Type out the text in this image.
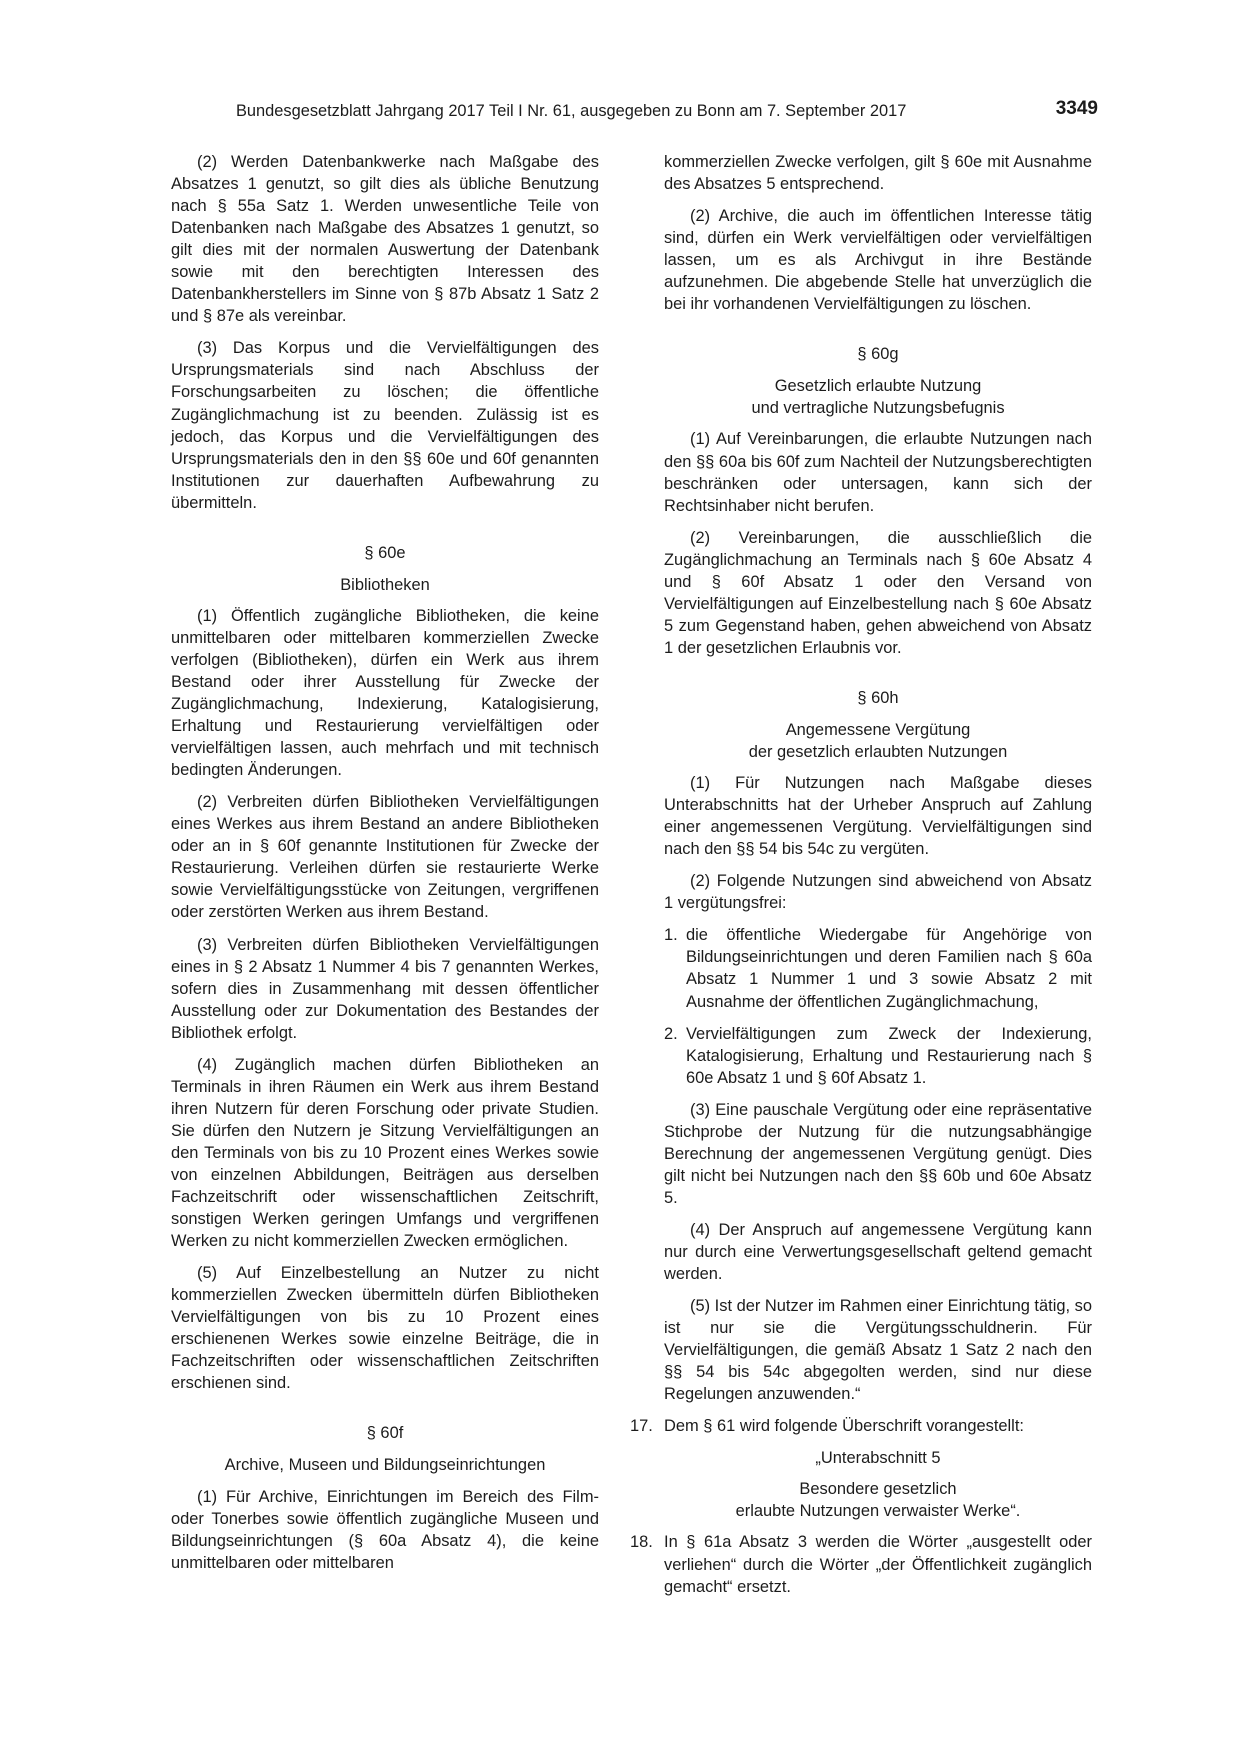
Bundesgesetzblatt Jahrgang 2017 Teil I Nr. 61, ausgegeben zu Bonn am 7. September 2017	3349

(2) Werden Datenbankwerke nach Maßgabe des Absatzes 1 genutzt, so gilt dies als übliche Benutzung nach § 55a Satz 1. Werden unwesentliche Teile von Datenbanken nach Maßgabe des Absatzes 1 genutzt, so gilt dies mit der normalen Auswertung der Datenbank sowie mit den berechtigten Interessen des Datenbankherstellers im Sinne von § 87b Absatz 1 Satz 2 und § 87e als vereinbar.

(3) Das Korpus und die Vervielfältigungen des Ursprungsmaterials sind nach Abschluss der Forschungsarbeiten zu löschen; die öffentliche Zugänglichmachung ist zu beenden. Zulässig ist es jedoch, das Korpus und die Vervielfältigungen des Ursprungsmaterials den in den §§ 60e und 60f genannten Institutionen zur dauerhaften Aufbewahrung zu übermitteln.

§ 60e
Bibliotheken

(1) Öffentlich zugängliche Bibliotheken, die keine unmittelbaren oder mittelbaren kommerziellen Zwecke verfolgen (Bibliotheken), dürfen ein Werk aus ihrem Bestand oder ihrer Ausstellung für Zwecke der Zugänglichmachung, Indexierung, Katalogisierung, Erhaltung und Restaurierung vervielfältigen oder vervielfältigen lassen, auch mehrfach und mit technisch bedingten Änderungen.

(2) Verbreiten dürfen Bibliotheken Vervielfältigungen eines Werkes aus ihrem Bestand an andere Bibliotheken oder an in § 60f genannte Institutionen für Zwecke der Restaurierung. Verleihen dürfen sie restaurierte Werke sowie Vervielfältigungsstücke von Zeitungen, vergriffenen oder zerstörten Werken aus ihrem Bestand.

(3) Verbreiten dürfen Bibliotheken Vervielfältigungen eines in § 2 Absatz 1 Nummer 4 bis 7 genannten Werkes, sofern dies in Zusammenhang mit dessen öffentlicher Ausstellung oder zur Dokumentation des Bestandes der Bibliothek erfolgt.

(4) Zugänglich machen dürfen Bibliotheken an Terminals in ihren Räumen ein Werk aus ihrem Bestand ihren Nutzern für deren Forschung oder private Studien. Sie dürfen den Nutzern je Sitzung Vervielfältigungen an den Terminals von bis zu 10 Prozent eines Werkes sowie von einzelnen Abbildungen, Beiträgen aus derselben Fachzeitschrift oder wissenschaftlichen Zeitschrift, sonstigen Werken geringen Umfangs und vergriffenen Werken zu nicht kommerziellen Zwecken ermöglichen.

(5) Auf Einzelbestellung an Nutzer zu nicht kommerziellen Zwecken übermitteln dürfen Bibliotheken Vervielfältigungen von bis zu 10 Prozent eines erschienenen Werkes sowie einzelne Beiträge, die in Fachzeitschriften oder wissenschaftlichen Zeitschriften erschienen sind.

§ 60f
Archive, Museen und Bildungseinrichtungen

(1) Für Archive, Einrichtungen im Bereich des Film- oder Tonerbes sowie öffentlich zugängliche Museen und Bildungseinrichtungen (§ 60a Absatz 4), die keine unmittelbaren oder mittelbaren

kommerziellen Zwecke verfolgen, gilt § 60e mit Ausnahme des Absatzes 5 entsprechend.

(2) Archive, die auch im öffentlichen Interesse tätig sind, dürfen ein Werk vervielfältigen oder vervielfältigen lassen, um es als Archivgut in ihre Bestände aufzunehmen. Die abgebende Stelle hat unverzüglich die bei ihr vorhandenen Vervielfältigungen zu löschen.

§ 60g
Gesetzlich erlaubte Nutzung
und vertragliche Nutzungsbefugnis

(1) Auf Vereinbarungen, die erlaubte Nutzungen nach den §§ 60a bis 60f zum Nachteil der Nutzungsberechtigten beschränken oder untersagen, kann sich der Rechtsinhaber nicht berufen.

(2) Vereinbarungen, die ausschließlich die Zugänglichmachung an Terminals nach § 60e Absatz 4 und § 60f Absatz 1 oder den Versand von Vervielfältigungen auf Einzelbestellung nach § 60e Absatz 5 zum Gegenstand haben, gehen abweichend von Absatz 1 der gesetzlichen Erlaubnis vor.

§ 60h
Angemessene Vergütung
der gesetzlich erlaubten Nutzungen

(1) Für Nutzungen nach Maßgabe dieses Unterabschnitts hat der Urheber Anspruch auf Zahlung einer angemessenen Vergütung. Vervielfältigungen sind nach den §§ 54 bis 54c zu vergüten.

(2) Folgende Nutzungen sind abweichend von Absatz 1 vergütungsfrei:

1. die öffentliche Wiedergabe für Angehörige von Bildungseinrichtungen und deren Familien nach § 60a Absatz 1 Nummer 1 und 3 sowie Absatz 2 mit Ausnahme der öffentlichen Zugänglichmachung,
2. Vervielfältigungen zum Zweck der Indexierung, Katalogisierung, Erhaltung und Restaurierung nach § 60e Absatz 1 und § 60f Absatz 1.

(3) Eine pauschale Vergütung oder eine repräsentative Stichprobe der Nutzung für die nutzungsabhängige Berechnung der angemessenen Vergütung genügt. Dies gilt nicht bei Nutzungen nach den §§ 60b und 60e Absatz 5.

(4) Der Anspruch auf angemessene Vergütung kann nur durch eine Verwertungsgesellschaft geltend gemacht werden.

(5) Ist der Nutzer im Rahmen einer Einrichtung tätig, so ist nur sie die Vergütungsschuldnerin. Für Vervielfältigungen, die gemäß Absatz 1 Satz 2 nach den §§ 54 bis 54c abgegolten werden, sind nur diese Regelungen anzuwenden.“

17. Dem § 61 wird folgende Überschrift vorangestellt:
„Unterabschnitt 5
Besondere gesetzlich
erlaubte Nutzungen verwaister Werke“.
18. In § 61a Absatz 3 werden die Wörter „ausgestellt oder verliehen“ durch die Wörter „der Öffentlichkeit zugänglich gemacht“ ersetzt.
